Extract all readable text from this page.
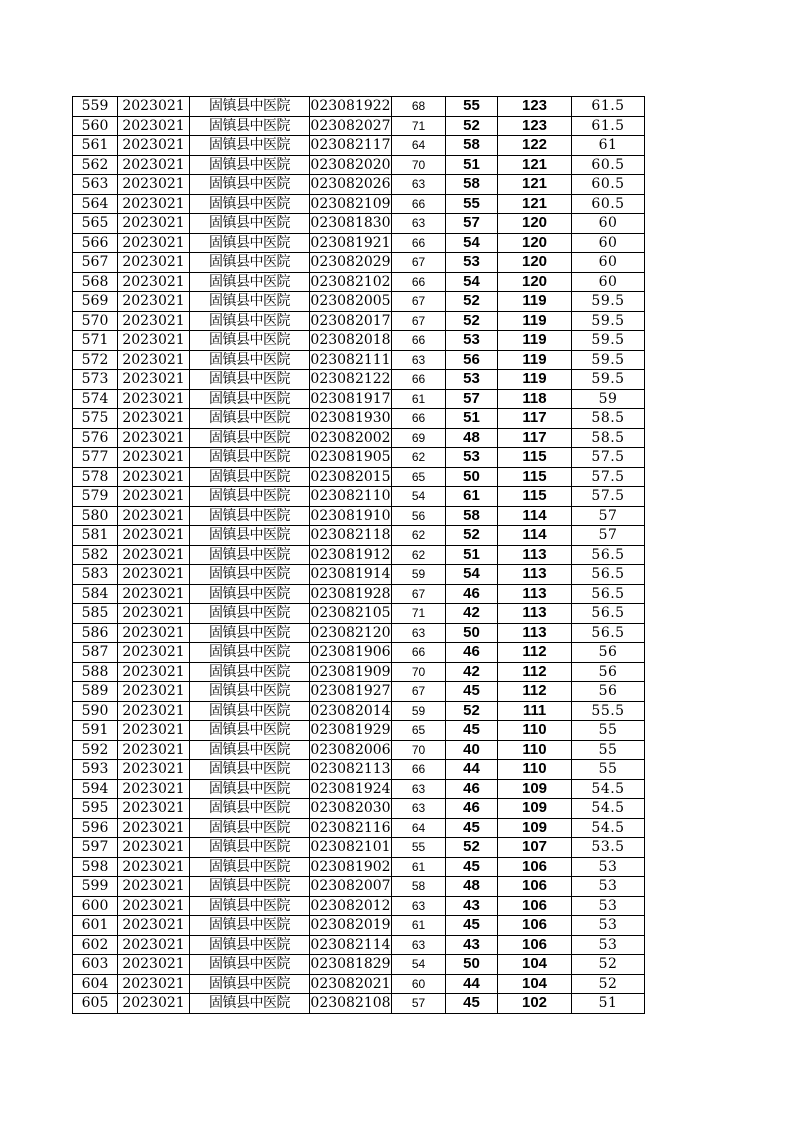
559	2023021	固镇县中医院	023081922	68	55	123	61.5
560	2023021	固镇县中医院	023082027	71	52	123	61.5
561	2023021	固镇县中医院	023082117	64	58	122	61
562	2023021	固镇县中医院	023082020	70	51	121	60.5
563	2023021	固镇县中医院	023082026	63	58	121	60.5
564	2023021	固镇县中医院	023082109	66	55	121	60.5
565	2023021	固镇县中医院	023081830	63	57	120	60
566	2023021	固镇县中医院	023081921	66	54	120	60
567	2023021	固镇县中医院	023082029	67	53	120	60
568	2023021	固镇县中医院	023082102	66	54	120	60
569	2023021	固镇县中医院	023082005	67	52	119	59.5
570	2023021	固镇县中医院	023082017	67	52	119	59.5
571	2023021	固镇县中医院	023082018	66	53	119	59.5
572	2023021	固镇县中医院	023082111	63	56	119	59.5
573	2023021	固镇县中医院	023082122	66	53	119	59.5
574	2023021	固镇县中医院	023081917	61	57	118	59
575	2023021	固镇县中医院	023081930	66	51	117	58.5
576	2023021	固镇县中医院	023082002	69	48	117	58.5
577	2023021	固镇县中医院	023081905	62	53	115	57.5
578	2023021	固镇县中医院	023082015	65	50	115	57.5
579	2023021	固镇县中医院	023082110	54	61	115	57.5
580	2023021	固镇县中医院	023081910	56	58	114	57
581	2023021	固镇县中医院	023082118	62	52	114	57
582	2023021	固镇县中医院	023081912	62	51	113	56.5
583	2023021	固镇县中医院	023081914	59	54	113	56.5
584	2023021	固镇县中医院	023081928	67	46	113	56.5
585	2023021	固镇县中医院	023082105	71	42	113	56.5
586	2023021	固镇县中医院	023082120	63	50	113	56.5
587	2023021	固镇县中医院	023081906	66	46	112	56
588	2023021	固镇县中医院	023081909	70	42	112	56
589	2023021	固镇县中医院	023081927	67	45	112	56
590	2023021	固镇县中医院	023082014	59	52	111	55.5
591	2023021	固镇县中医院	023081929	65	45	110	55
592	2023021	固镇县中医院	023082006	70	40	110	55
593	2023021	固镇县中医院	023082113	66	44	110	55
594	2023021	固镇县中医院	023081924	63	46	109	54.5
595	2023021	固镇县中医院	023082030	63	46	109	54.5
596	2023021	固镇县中医院	023082116	64	45	109	54.5
597	2023021	固镇县中医院	023082101	55	52	107	53.5
598	2023021	固镇县中医院	023081902	61	45	106	53
599	2023021	固镇县中医院	023082007	58	48	106	53
600	2023021	固镇县中医院	023082012	63	43	106	53
601	2023021	固镇县中医院	023082019	61	45	106	53
602	2023021	固镇县中医院	023082114	63	43	106	53
603	2023021	固镇县中医院	023081829	54	50	104	52
604	2023021	固镇县中医院	023082021	60	44	104	52
605	2023021	固镇县中医院	023082108	57	45	102	51
